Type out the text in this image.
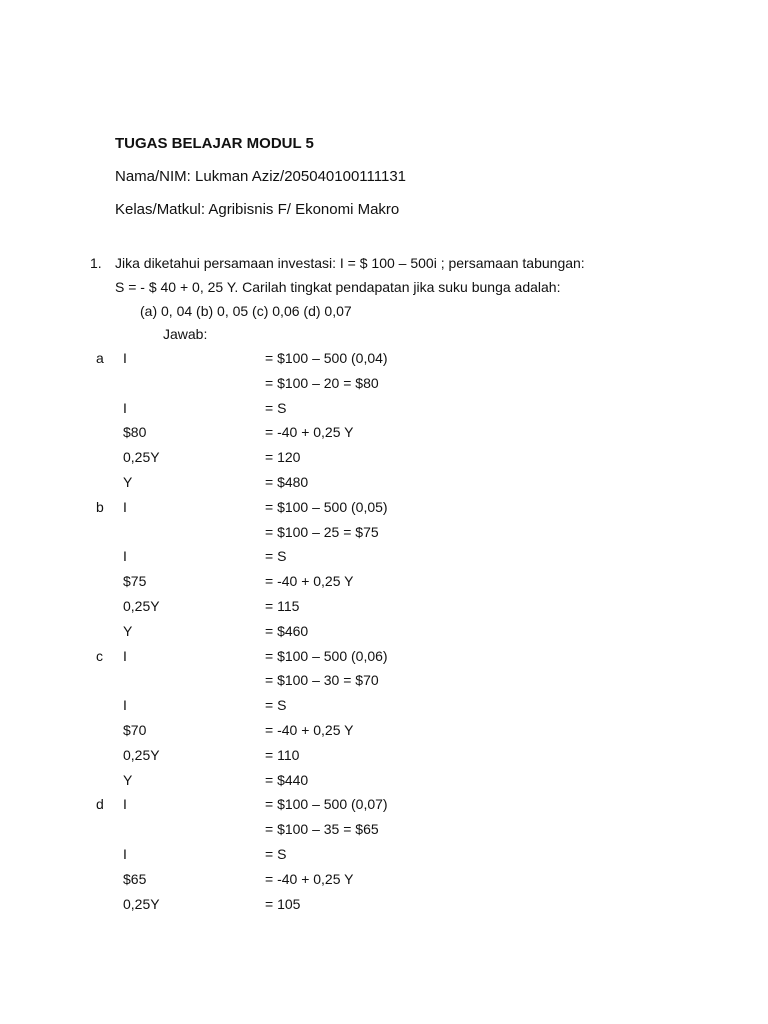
TUGAS BELAJAR MODUL 5
Nama/NIM: Lukman Aziz/205040100111131
Kelas/Matkul: Agribisnis F/ Ekonomi Makro
1. Jika diketahui persamaan investasi: I = $ 100 – 500i ; persamaan tabungan:
S = - $ 40 + 0, 25 Y. Carilah tingkat pendapatan jika suku bunga adalah:
(a) 0, 04 (b) 0, 05 (c) 0,06 (d) 0,07
Jawab:
a I	= $100 – 500 (0,04)
= $100 – 20 = $80
I	= S
$80	= -40 + 0,25 Y
0,25Y	= 120
Y	= $480
b I	= $100 – 500 (0,05)
= $100 – 25 = $75
I	= S
$75	= -40 + 0,25 Y
0,25Y	= 115
Y	= $460
c I	= $100 – 500 (0,06)
= $100 – 30 = $70
I	= S
$70	= -40 + 0,25 Y
0,25Y	= 110
Y	= $440
d I	= $100 – 500 (0,07)
= $100 – 35 = $65
I	= S
$65	= -40 + 0,25 Y
0,25Y	= 105
